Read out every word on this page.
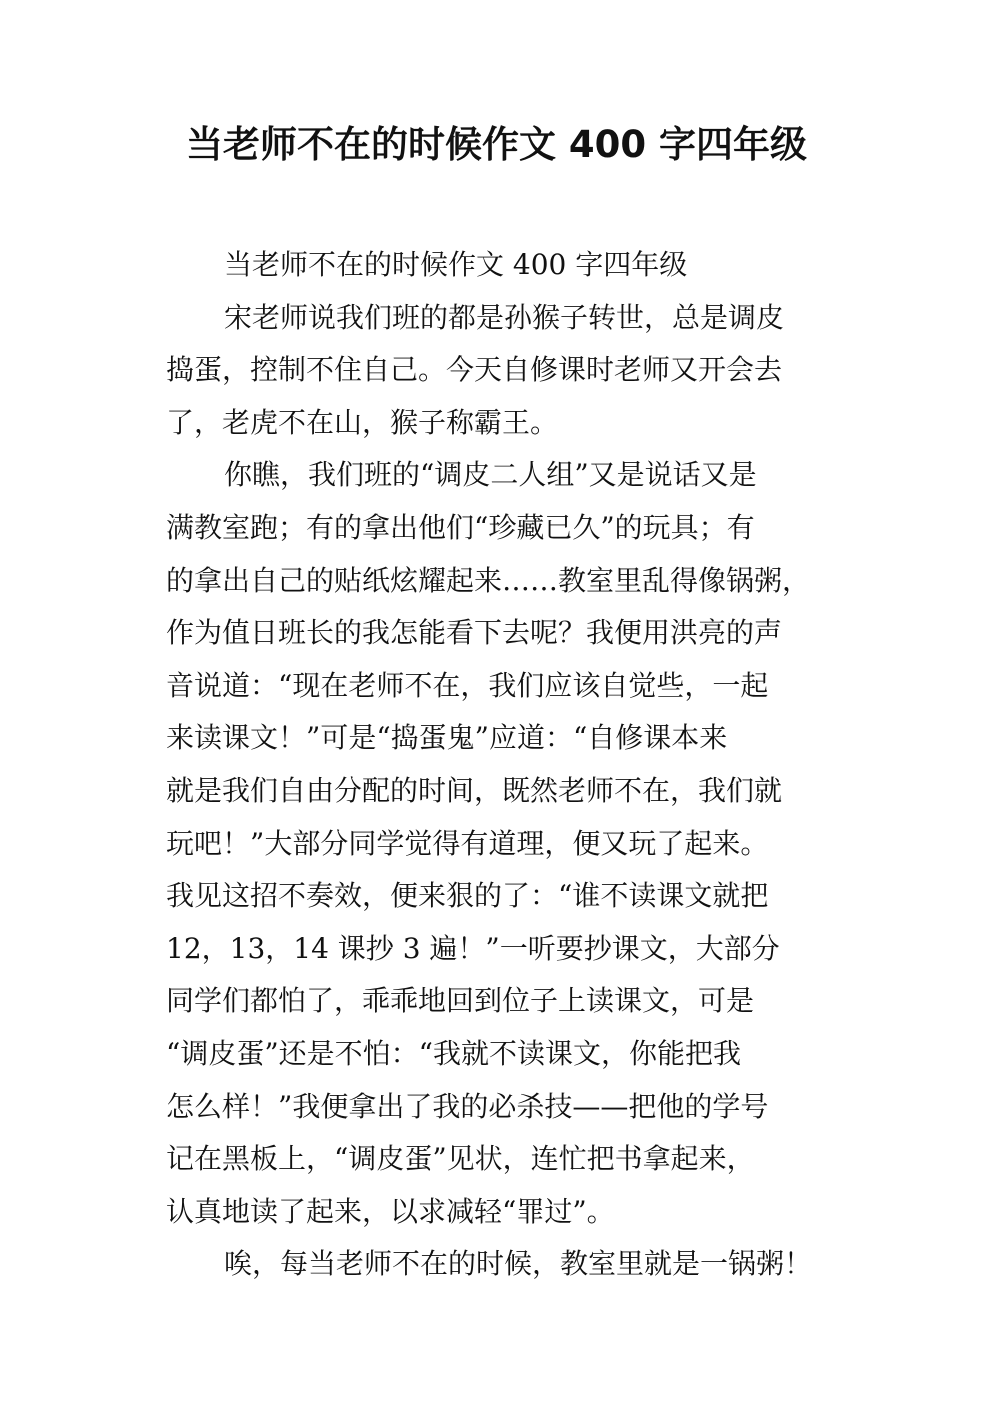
当老师不在的时候作文 400 字四年级
当老师不在的时候作文 400 字四年级
宋老师说我们班的都是孙猴子转世，总是调皮
捣蛋，控制不住自己。今天自修课时老师又开会去
了，老虎不在山，猴子称霸王。
你瞧，我们班的“调皮二人组”又是说话又是
满教室跑；有的拿出他们“珍藏已久”的玩具；有
的拿出自己的贴纸炫耀起来……教室里乱得像锅粥，
作为值日班长的我怎能看下去呢？我便用洪亮的声
音说道：“现在老师不在，我们应该自觉些，一起
来读课文！”可是“捣蛋鬼”应道：“自修课本来
就是我们自由分配的时间，既然老师不在，我们就
玩吧！”大部分同学觉得有道理，便又玩了起来。
我见这招不奏效，便来狠的了：“谁不读课文就把
12，13，14 课抄 3 遍！”一听要抄课文，大部分
同学们都怕了，乖乖地回到位子上读课文，可是
“调皮蛋”还是不怕：“我就不读课文，你能把我
怎么样！”我便拿出了我的必杀技——把他的学号
记在黑板上，“调皮蛋”见状，连忙把书拿起来，
认真地读了起来，以求减轻“罪过”。
唉，每当老师不在的时候，教室里就是一锅粥！
